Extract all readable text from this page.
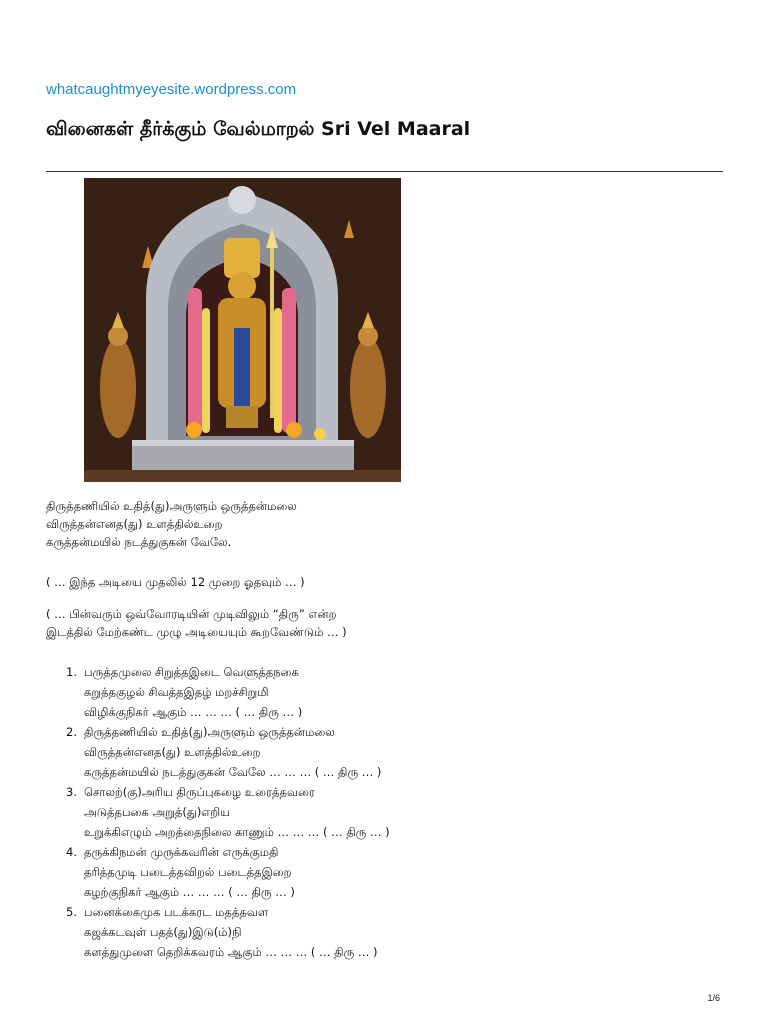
whatcaughtmyeyesite.wordpress.com
வினைகள் தீர்க்கும் வேல்மாறல் Sri Vel Maaral
திருத்தணியில் உதித்(து)அருளும் ஒருத்தன்மலை
விருத்தன்எனத(து) உளத்தில்உறை
கருத்தன்மயில் நடத்துகுகன் வேலே.
( … இந்த அடியை முதலில் 12 முறை ஓதவும் … )
( … பின்வரும் ஒவ்வோரடியின் முடிவிலும் “திரு” என்ற
இடத்தில் மேற்கண்ட முழு அடியையும் கூறவேண்டும் … )
1. பருத்தமுலை சிறுத்தஇடை வெளுத்தநகை
கறுத்தகுழல் சிவத்தஇதழ் மறச்சிறுமி
விழிக்குநிகர் ஆகும் … … … ( … திரு … )
2. திருத்தணியில் உதித்(து)அருளும் ஒருத்தன்மலை
விருத்தன்எனத(து) உளத்தில்உறை
கருத்தன்மயில் நடத்துகுகன் வேலே … … … ( … திரு … )
3. சொலற்(கு)அரிய திருப்புகழை உரைத்தவரை
அடுத்தபகை அறுத்(து)எறிய
உறுக்கிஎழும் அறத்தைநிலை காணும் … … … ( … திரு … )
4. தருக்கிநமன் முருக்கவரின் எருக்குமதி
தரித்தமுடி படைத்தவிறல் படைத்தஇறை
கழற்குநிகர் ஆகும் … … … ( … திரு … )
5. பனைக்கைமுக படக்கரட மதத்தவள
கஜக்கடவுள் பதத்(து)இடு(ம்)நி
களத்துமுளை தெறிக்கவரம் ஆகும் … … … ( … திரு … )
1/6
